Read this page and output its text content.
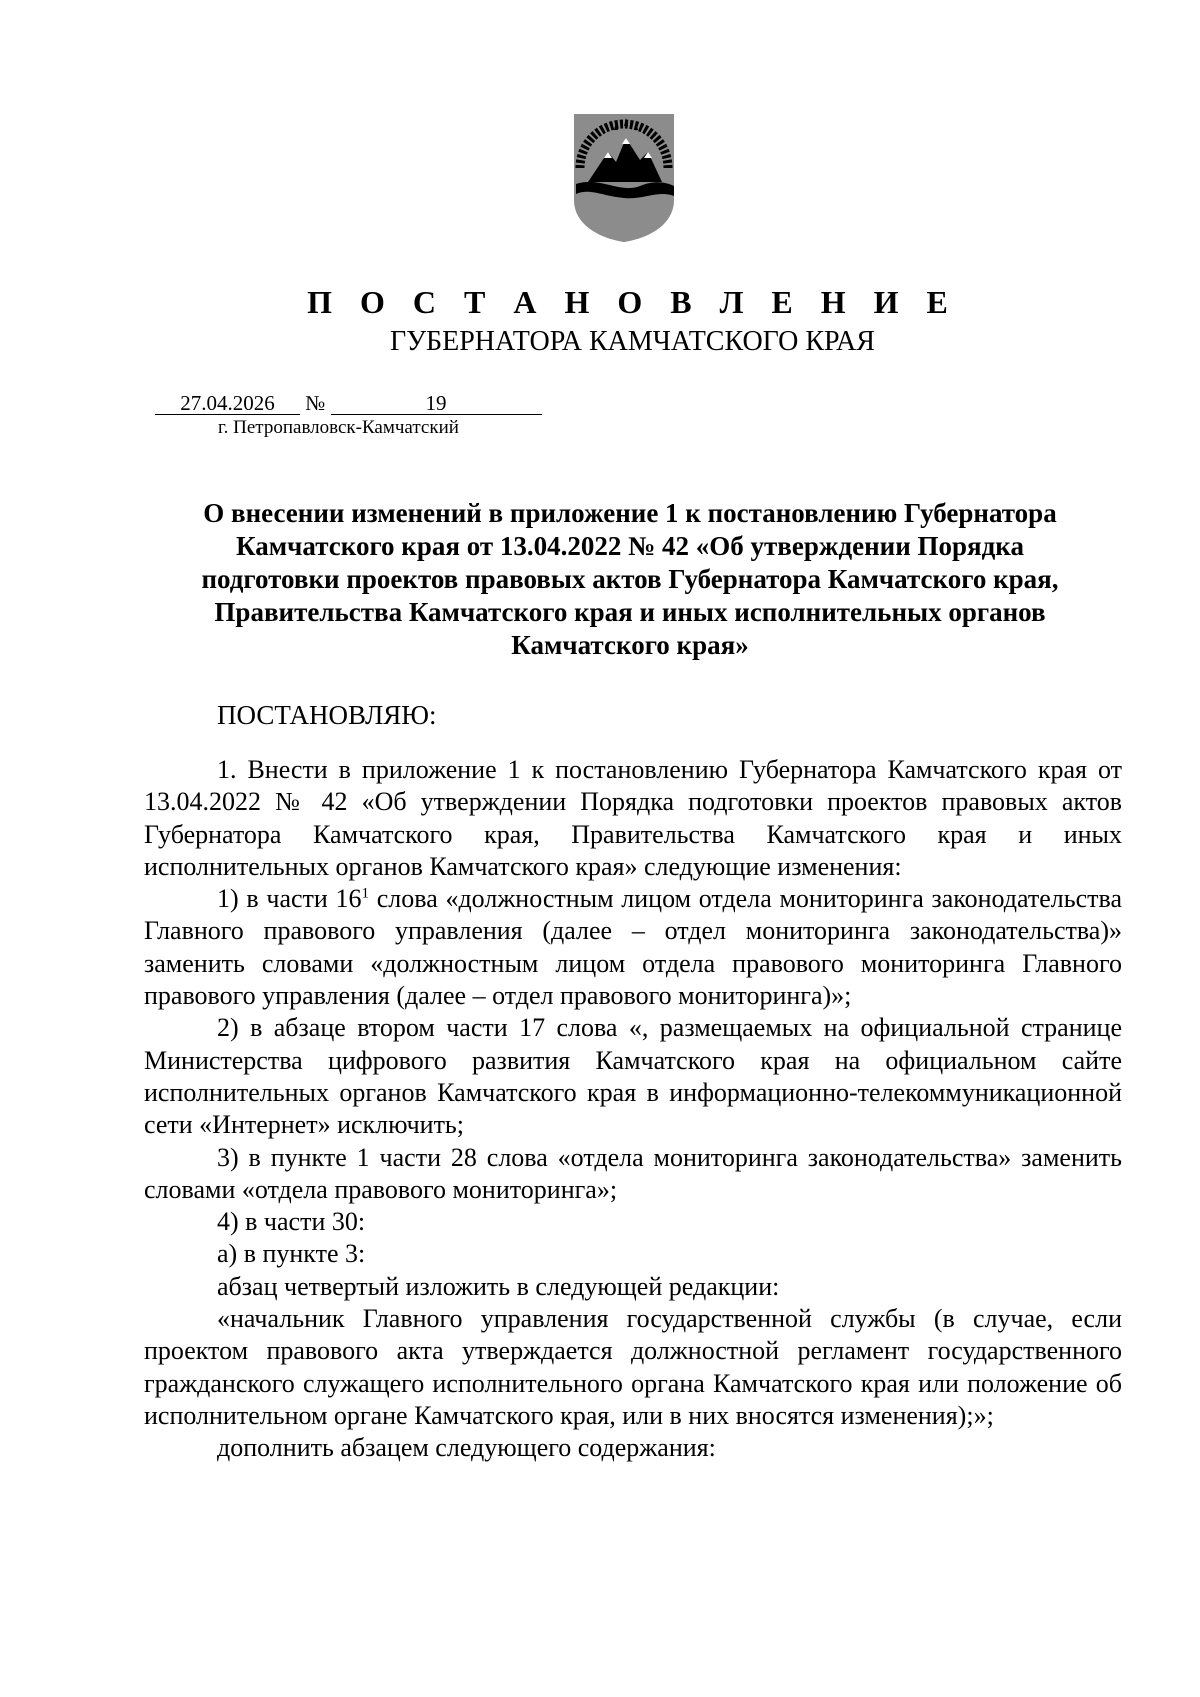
П О С Т А Н О В Л Е Н И Е
ГУБЕРНАТОРА КАМЧАТСКОГО КРАЯ
27.04.2026 №	19
г. Петропавловск-Камчатский
О внесении изменений в приложение 1 к постановлению Губернатора Камчатского края от 13.04.2022 № 42 «Об утверждении Порядка подготовки проектов правовых актов Губернатора Камчатского края, Правительства Камчатского края и иных исполнительных органов Камчатского края»
ПОСТАНОВЛЯЮ:

1. Внести в приложение 1 к постановлению Губернатора Камчатского края от 13.04.2022 № 42 «Об утверждении Порядка подготовки проектов правовых актов Губернатора Камчатского края, Правительства Камчатского края и иных исполнительных органов Камчатского края» следующие изменения:

1) в части $16^1$ слова «должностным лицом отдела мониторинга законодательства Главного правового управления (далее – отдел мониторинга законодательства)» заменить словами «должностным лицом отдела правового мониторинга Главного правового управления (далее – отдел правового мониторинга)»;

2) в абзаце втором части 17 слова «, размещаемых на официальной странице Министерства цифрового развития Камчатского края на официальном сайте исполнительных органов Камчатского края в информационно-телекоммуникационной сети «Интернет» исключить;

3) в пункте 1 части 28 слова «отдела мониторинга законодательства» заменить словами «отдела правового мониторинга»;

4) в части 30:

а) в пункте 3:

абзац четвертый изложить в следующей редакции:

«начальник Главного управления государственной службы (в случае, если проектом правового акта утверждается должностной регламент государственного гражданского служащего исполнительного органа Камчатского края или положение об исполнительном органе Камчатского края, или в них вносятся изменения);»;

дополнить абзацем следующего содержания:
